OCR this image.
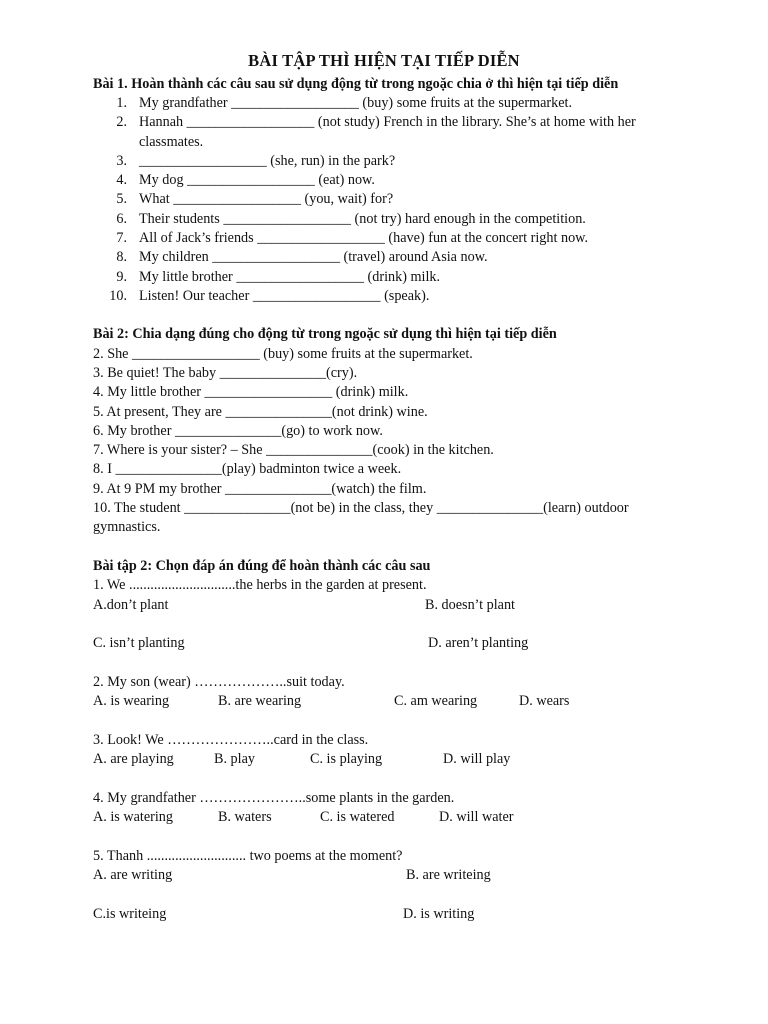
BÀI TẬP THÌ HIỆN TẠI TIẾP DIỄN
Bài 1. Hoàn thành các câu sau sử dụng động từ trong ngoặc chia ở thì hiện tại tiếp diễn
1. My grandfather __________________ (buy) some fruits at the supermarket.
2. Hannah __________________ (not study) French in the library. She’s at home with her
classmates.
3. __________________ (she, run) in the park?
4. My dog __________________ (eat) now.
5. What __________________ (you, wait) for?
6. Their students __________________ (not try) hard enough in the competition.
7. All of Jack’s friends __________________ (have) fun at the concert right now.
8. My children __________________ (travel) around Asia now.
9. My little brother __________________ (drink) milk.
10. Listen! Our teacher __________________ (speak).
Bài 2: Chia dạng đúng cho động từ trong ngoặc sử dụng thì hiện tại tiếp diễn
2. She __________________ (buy) some fruits at the supermarket.
3. Be quiet! The baby _______________(cry).
4. My little brother __________________ (drink) milk.
5. At present, They are _______________(not drink) wine.
6. My brother _______________(go) to work now.
7. Where is your sister? – She _______________(cook) in the kitchen.
8. I _______________(play) badminton twice a week.
9. At 9 PM my brother _______________(watch) the film.
10. The student _______________(not be) in the class, they _______________(learn) outdoor
gymnastics.
Bài tập 2: Chọn đáp án đúng để hoàn thành các câu sau
1. We ..............................the herbs in the garden at present.
A.don’t plant	B. doesn’t plant
C. isn’t planting	D. aren’t planting
2. My son (wear) ………………..suit today.
A. is wearing	B. are wearing	C. am wearing	D. wears
3. Look! We …………………..card in the class.
A. are playing	B. play	C. is playing	D. will play
4. My grandfather …………………..some plants in the garden.
A. is watering	B. waters	C. is watered	D. will water
5. Thanh ............................ two poems at the moment?
A. are writing	B. are writeing
C.is writeing	D. is writing
